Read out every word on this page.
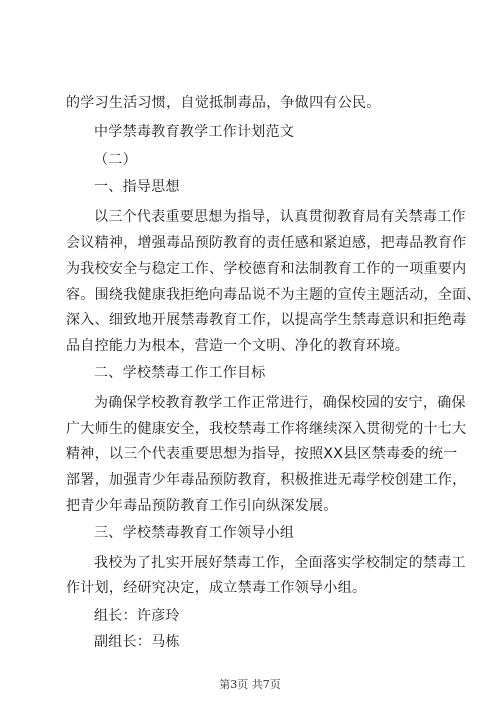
的学习生活习惯，自觉抵制毒品，争做四有公民。
中学禁毒教育教学工作计划范文
（二）
一、指导思想
以三个代表重要思想为指导，认真贯彻教育局有关禁毒工作
会议精神，增强毒品预防教育的责任感和紧迫感，把毒品教育作
为我校安全与稳定工作、学校德育和法制教育工作的一项重要内
容。围绕我健康我拒绝向毒品说不为主题的宣传主题活动，全面、
深入、细致地开展禁毒教育工作，以提高学生禁毒意识和拒绝毒
品自控能力为根本，营造一个文明、净化的教育环境。
二、学校禁毒工作工作目标
为确保学校教育教学工作正常进行，确保校园的安宁，确保
广大师生的健康安全，我校禁毒工作将继续深入贯彻党的十七大
精神，以三个代表重要思想为指导，按照XX县区禁毒委的统一
部署，加强青少年毒品预防教育，积极推进无毒学校创建工作，
把青少年毒品预防教育工作引向纵深发展。
三、学校禁毒教育工作领导小组
我校为了扎实开展好禁毒工作，全面落实学校制定的禁毒工
作计划，经研究决定，成立禁毒工作领导小组。
组长：许彦玲
副组长：马栋
第3页 共7页
